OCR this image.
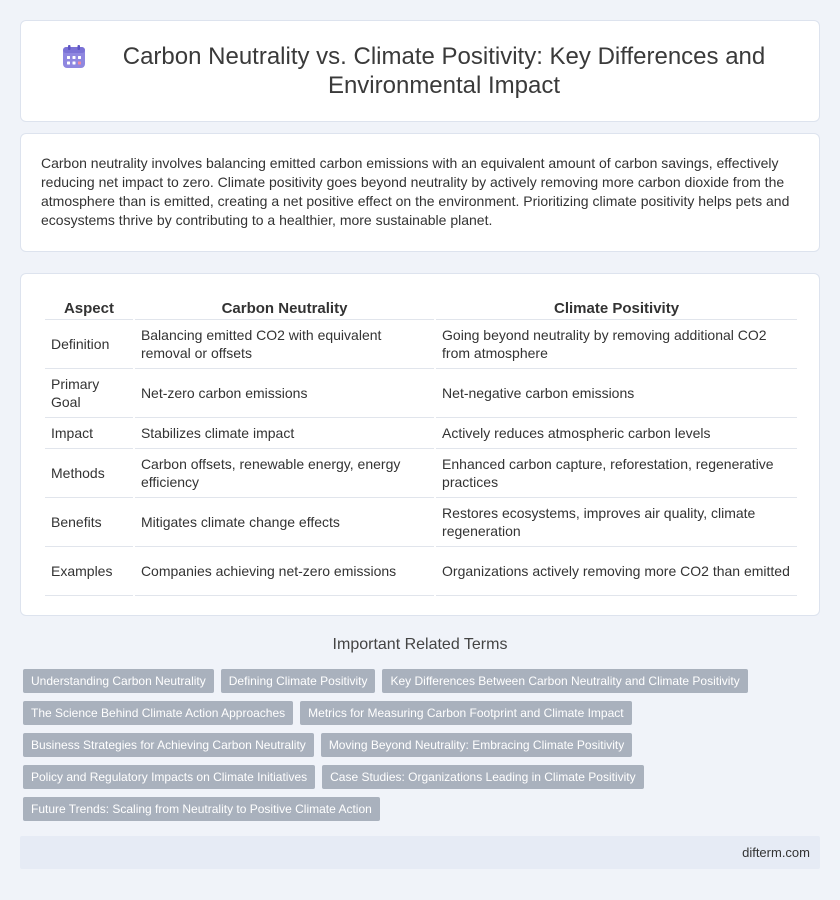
Carbon Neutrality vs. Climate Positivity: Key Differences and Environmental Impact

Carbon neutrality involves balancing emitted carbon emissions with an equivalent amount of carbon savings, effectively reducing net impact to zero. Climate positivity goes beyond neutrality by actively removing more carbon dioxide from the atmosphere than is emitted, creating a net positive effect on the environment. Prioritizing climate positivity helps pets and ecosystems thrive by contributing to a healthier, more sustainable planet.

Aspect	Carbon Neutrality	Climate Positivity
Definition	Balancing emitted CO2 with equivalent removal or offsets	Going beyond neutrality by removing additional CO2 from atmosphere
Primary Goal	Net-zero carbon emissions	Net-negative carbon emissions
Impact	Stabilizes climate impact	Actively reduces atmospheric carbon levels
Methods	Carbon offsets, renewable energy, energy efficiency	Enhanced carbon capture, reforestation, regenerative practices
Benefits	Mitigates climate change effects	Restores ecosystems, improves air quality, climate regeneration
Examples	Companies achieving net-zero emissions	Organizations actively removing more CO2 than emitted
Important Related Terms
Understanding Carbon Neutrality	Defining Climate Positivity	Key Differences Between Carbon Neutrality and Climate Positivity
The Science Behind Climate Action Approaches	Metrics for Measuring Carbon Footprint and Climate Impact
Business Strategies for Achieving Carbon Neutrality	Moving Beyond Neutrality: Embracing Climate Positivity
Policy and Regulatory Impacts on Climate Initiatives	Case Studies: Organizations Leading in Climate Positivity
Future Trends: Scaling from Neutrality to Positive Climate Action
difterm.com
